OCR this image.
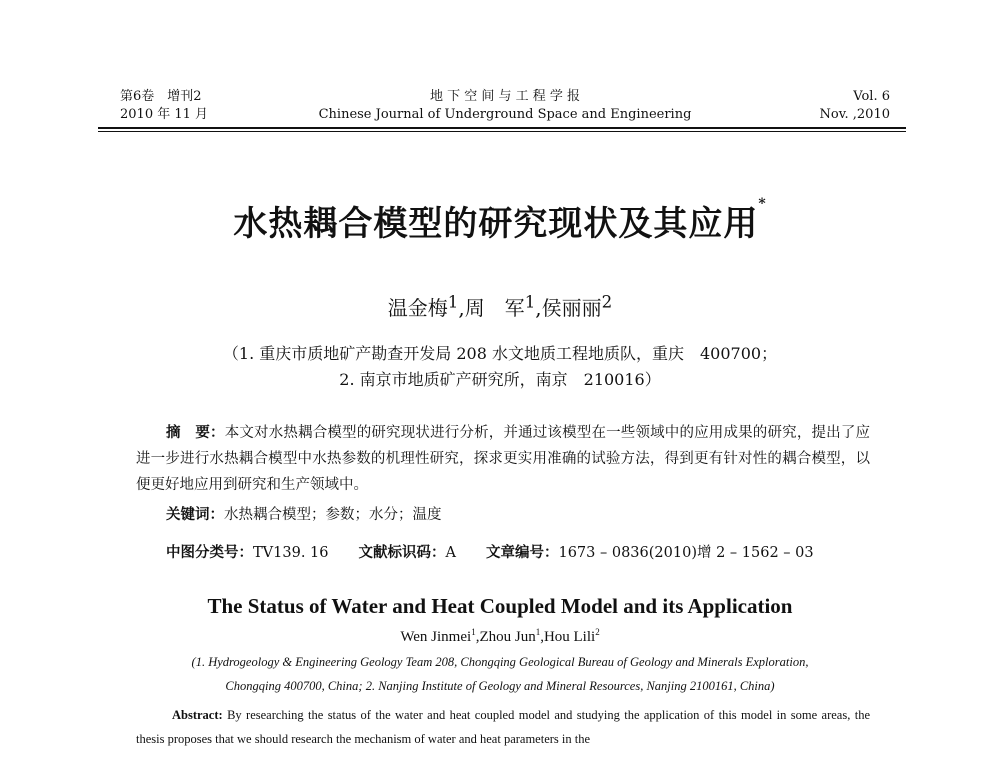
第6卷　增刊2
2010 年 11 月
地 下 空 间 与 工 程 学 报
Chinese Journal of Underground Space and Engineering
Vol. 6
Nov. ,2010
水热耦合模型的研究现状及其应用*
温金梅$^1$,周　军$^1$,侯丽丽$^2$
（1. 重庆市质地矿产勘查开发局 208 水文地质工程地质队，重庆　400700；
2. 南京市地质矿产研究所，南京　210016）
摘　要：本文对水热耦合模型的研究现状进行分析，并通过该模型在一些领域中的应用成果的研究，提出了应进一步进行水热耦合模型中水热参数的机理性研究，探求更实用准确的试验方法，得到更有针对性的耦合模型，以便更好地应用到研究和生产领域中。
关键词：水热耦合模型；参数；水分；温度
中图分类号：TV139. 16 文献标识码：A 文章编号：1673 – 0836(2010)增 2 – 1562 – 03
The Status of Water and Heat Coupled Model and its Application
Wen Jinmei$^1$,Zhou Jun$^1$,Hou Lili$^2$
(1. Hydrogeology & Engineering Geology Team 208, Chongqing Geological Bureau of Geology and Minerals Exploration,
Chongqing 400700, China; 2. Nanjing Institute of Geology and Mineral Resources, Nanjing 2100161, China)
Abstract: By researching the status of the water and heat coupled model and studying the application of this model in some areas, the thesis proposes that we should research the mechanism of water and heat parameters in the
